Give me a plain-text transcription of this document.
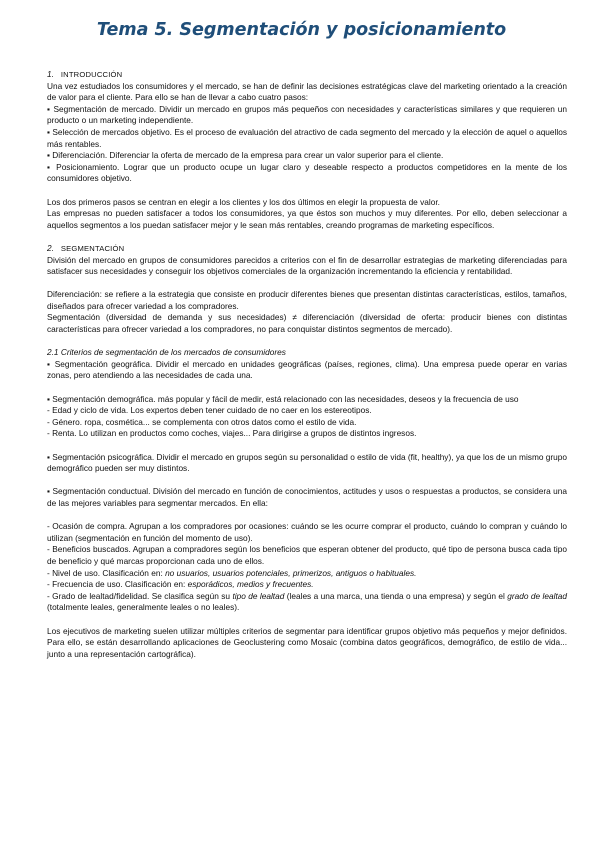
Tema 5. Segmentación y posicionamiento

1. INTRODUCCIÓN

Una vez estudiados los consumidores y el mercado, se han de definir las decisiones estratégicas clave del marketing orientado a la creación de valor para el cliente. Para ello se han de llevar a cabo cuatro pasos:

▪ Segmentación de mercado. Dividir un mercado en grupos más pequeños con necesidades y características similares y que requieren un producto o un marketing independiente.

▪ Selección de mercados objetivo. Es el proceso de evaluación del atractivo de cada segmento del mercado y la elección de aquel o aquellos más rentables.

▪ Diferenciación. Diferenciar la oferta de mercado de la empresa para crear un valor superior para el cliente.

▪ Posicionamiento. Lograr que un producto ocupe un lugar claro y deseable respecto a productos competidores en la mente de los consumidores objetivo.

Los dos primeros pasos se centran en elegir a los clientes y los dos últimos en elegir la propuesta de valor.

Las empresas no pueden satisfacer a todos los consumidores, ya que éstos son muchos y muy diferentes. Por ello, deben seleccionar a aquellos segmentos a los puedan satisfacer mejor y le sean más rentables, creando programas de marketing específicos.

2. SEGMENTACIÓN

División del mercado en grupos de consumidores parecidos a criterios con el fin de desarrollar estrategias de marketing diferenciadas para satisfacer sus necesidades y conseguir los objetivos comerciales de la organización incrementando la eficiencia y rentabilidad.

Diferenciación: se refiere a la estrategia que consiste en producir diferentes bienes que presentan distintas características, estilos, tamaños, diseñados para ofrecer variedad a los compradores.

Segmentación (diversidad de demanda y sus necesidades) ≠ diferenciación (diversidad de oferta: producir bienes con distintas características para ofrecer variedad a los compradores, no para conquistar distintos segmentos de mercado).

2.1 Criterios de segmentación de los mercados de consumidores

▪ Segmentación geográfica. Dividir el mercado en unidades geográficas (países, regiones, clima). Una empresa puede operar en varias zonas, pero atendiendo a las necesidades de cada una.

▪ Segmentación demográfica. más popular y fácil de medir, está relacionado con las necesidades, deseos y la frecuencia de uso

- Edad y ciclo de vida. Los expertos deben tener cuidado de no caer en los estereotipos.

- Género. ropa, cosmética... se complementa con otros datos como el estilo de vida.

- Renta. Lo utilizan en productos como coches, viajes... Para dirigirse a grupos de distintos ingresos.

▪ Segmentación psicográfica. Dividir el mercado en grupos según su personalidad o estilo de vida (fit, healthy), ya que los de un mismo grupo demográfico pueden ser muy distintos.

▪ Segmentación conductual. División del mercado en función de conocimientos, actitudes y usos o respuestas a productos, se considera una de las mejores variables para segmentar mercados. En ella:

- Ocasión de compra. Agrupan a los compradores por ocasiones: cuándo se les ocurre comprar el producto, cuándo lo compran y cuándo lo utilizan (segmentación en función del momento de uso).

- Beneficios buscados. Agrupan a compradores según los beneficios que esperan obtener del producto, qué tipo de persona busca cada tipo de beneficio y qué marcas proporcionan cada uno de ellos.

- Nivel de uso. Clasificación en: no usuarios, usuarios potenciales, primerizos, antiguos o habituales.

- Frecuencia de uso. Clasificación en: esporádicos, medios y frecuentes.

- Grado de lealtad/fidelidad. Se clasifica según su tipo de lealtad (leales a una marca, una tienda o una empresa) y según el grado de lealtad (totalmente leales, generalmente leales o no leales).

Los ejecutivos de marketing suelen utilizar múltiples criterios de segmentar para identificar grupos objetivo más pequeños y mejor definidos. Para ello, se están desarrollando aplicaciones de Geoclustering como Mosaic (combina datos geográficos, demográfico, de estilo de vida... junto a una representación cartográfica).
